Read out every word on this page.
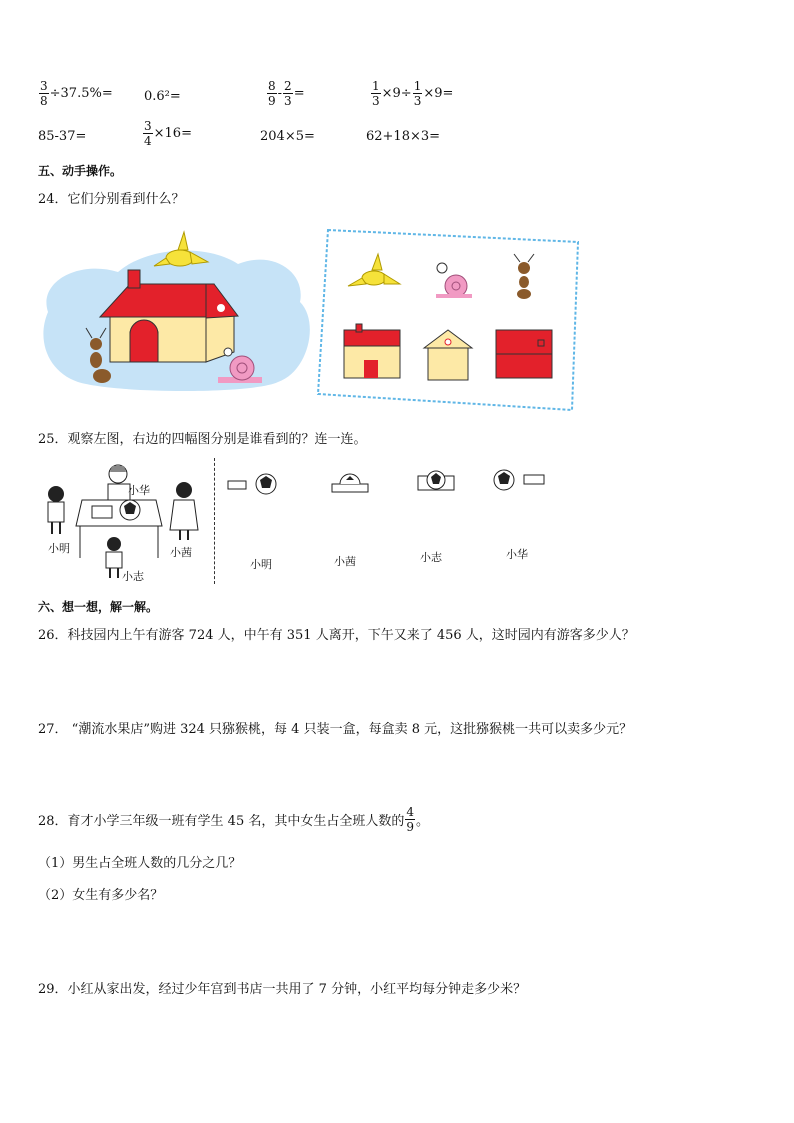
$\frac{3}{8} \div 37.5\%= 0.6^2=$	$\frac{8}{9} - \frac{2}{3}$ =	$\frac{1}{3} \times 9\div \frac{1}{3} \times 9=$
85-37=	$\frac{3}{4} \times 16=$	204×5=	62+18×3=
五、动手操作。
24．它们分别看到什么？
25．观察左图，右边的四幅图分别是谁看到的？连一连。
小华
小明	小茜
小志
小明	小茜	小志	小华
六、想一想，解一解。
26．科技园内上午有游客 724 人，中午有 351 人离开，下午又来了 456 人，这时园内有游客多少人？
27． “潮流水果店”购进 324 只猕猴桃，每 4 只装一盒，每盒卖 8 元，这批猕猴桃一共可以卖多少元？
28．育才小学三年级一班有学生 45 名，其中女生占全班人数的 $\frac{4}{9}$ 。
（1）男生占全班人数的几分之几？
（2）女生有多少名？
29．小红从家出发，经过少年宫到书店一共用了 7 分钟，小红平均每分钟走多少米？
